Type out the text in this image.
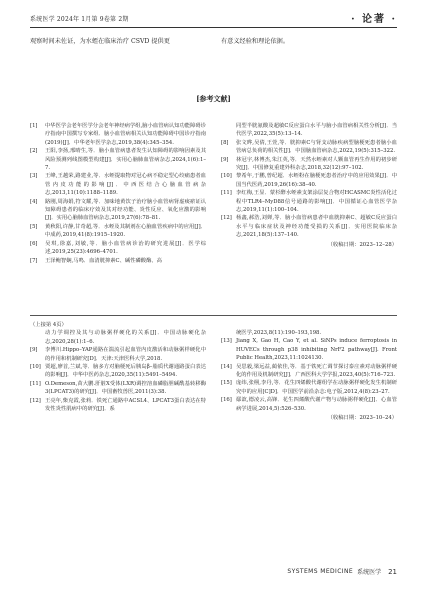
系统医学 2024年 1月第 9卷第 2期	· 论著 ·
观察时间未佐证，为水蛭在临床治疗 CSVD 提供更	有意义经验和理论依据。
[参考文献]
[1] 中华医学会老年医学分会老年神经病学组,脑小血管病认知功能障碍诊疗指南中国撰写专家组．脑小血管病相关认知功能障碍中国诊疗指南(2019)[J]．中华老年医学杂志,2019,38(4):345–354.
[2] 王阳,李扬,邢晴生,等．脑小血管病患者发生认知障碍的影响因素及其风险预测列线图模型构建[J]．实用心脑肺血管病杂志,2024,1(6):1–7.
[3] 王峰,王越荣,路建业,等．水蛭提取物对冠心病不稳定型心绞痛患者血管内皮功能的影响[J]．中西医结合心脑血管病杂志,2013,11(10):1188–1189.
[4] 路刚,周海娟,符文耀,等．加味地黄饮子治疗脑小血管病肾虚痰瘀证认知障碍患者的临床疗效及其对经功能、炎性反应、氧化应激的影响[J]．实用心脑肺血管病杂志,2019,27(6):78–81.
[5] 黄秋阳,许静,甘奇超,等．水蛭及其制剂在心脑血管疾病中的应用[J]．中成药,2019,41(8):1915–1920.
[6] 吴琪,徐嘉,刘敏,等．脑小血管病诊治的研究进展[J]．医学综述,2019,25(23):4696–4701.
[7] 王泽鲍智娴,马鸣．血清胱抑素C、碱性磷酸酶、高
同型半胱氨酸及超敏C反应蛋白水平与脑小血管病相关性分析[J]．当代医学,2022,35(5):13–14.
[8] 张文晔,吴倩,王萱,等．胱抑素C与肾支动脉疾病型脑梗死患者脑小血管病总负荷的相关性[J]．中国脑血管病杂志,2022,19(5):315–322.
[9] 林冠宇,林博杰,朱江英,等．天然水蛭素对人颗血管再生作用的初步研究[J]．中国修复重建外科杂志,2018,32(12):97–102.
[10] 黎希年,于鹏,曾纪超．水蛭粉在脑梗死患者治疗中的应用效果[J]．中国当代医药,2019,26(16):38–40.
[11] 李红梅,王显．蒙杉酵水蛭素支架涂层复合物对HCASMC炎性活化过程中TLR4–MyD88信号通路的影响[J]．中国循证心血管医学杂志,2019,11(1):100–104.
[12] 杨鑫,郝浩,刘婵,等．脑小血管病患者中血胱抑素C、超敏C反应蛋白水平与临床症状及神经功能受损的关系[J]．实用医院临床杂志,2021,18(5):137–140.
（收稿日期：2023–12–28）
（上接第 4页）
动力学调控及其与动脉粥样硬化的关系[J]．中国动脉硬化杂志,2020,28(1):1–6.
[9] 李博川.Hippo–YAP通路在湍流引起血管内皮激活和动脉粥样硬化中的作用和机制研究[D]．天津:天津医科大学,2018.
[10] 贾超,廖首,兰斌,等．脑多方对脑梗死后胰岛β–脂质代谢通路蛋白表达的影响[J]．中华中医药杂志,2020,35(11):5491–5494.
[11] O.Demeson,苗大鹏.肝脏X受体(LXR)调控溶血磷脂胆碱酰基转移酶3(LPCAT3)的研究[J]．中国畜牧兽医,2011(3):38.
[12] 王亮年,柴克霞,张莉．铁死亡通路中ACSL4、LPCAT3蛋白表达在特发性炎性肌病中的研究[J]．系
统医学,2023,8(11):190–193,198.
[13] Jiang X, Gao H, Cao Y, et al. SiNPs induce ferroptosis in HUVECs through p38 inhibiting NrF2 pathway[J]. Front Public Health,2023,11:1024130.
[14] 吴思毅,梁远益,蔺依佳,等．基于铁死亡调节探讨泰庄素对动脉粥样硬化的作用及机制研究[J]．广西医科大学学报,2023,40(5):716–723.
[15] 庞纬,张栩,李丹,等．花生四烯酸代谢组学在动脉粥样硬化发生机制研究中的应用[C]D]．中国医学前沿杂志:电子版,2012,4(8):23–27.
[16] 鄢歆,德凌云,高锋．花生四烯酸代谢产物与动脉粥样硬化[J]．心血管病学进展,2014,5):526–530.
（收稿日期：2023–10–24）
SYSTEMS MEDICINE 系统医学 21
